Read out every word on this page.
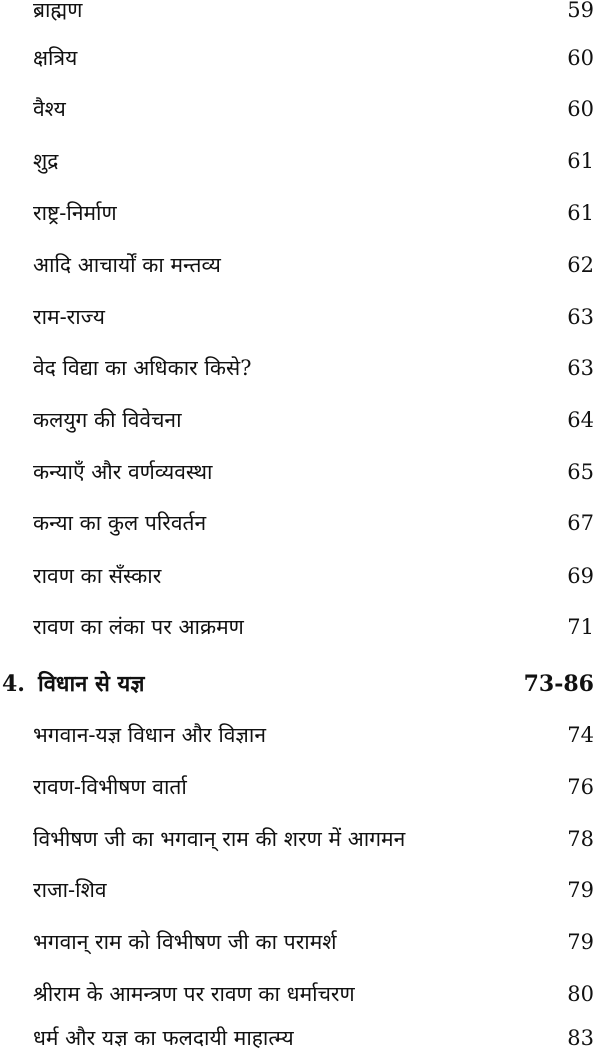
ब्राह्मण	59
क्षत्रिय	60
वैश्य	60
शुद्र	61
राष्ट्र-निर्माण	61
आदि आचार्यों का मन्तव्य	62
राम-राज्य	63
वेद विद्या का अधिकार किसे?	63
कलयुग की विवेचना	64
कन्याएँ और वर्णव्यवस्था	65
कन्या का कुल परिवर्तन	67
रावण का सँस्कार	69
रावण का लंका पर आक्रमण	71
4. विधान से यज्ञ	73-86
भगवान-यज्ञ विधान और विज्ञान	74
रावण-विभीषण वार्ता	76
विभीषण जी का भगवान् राम की शरण में आगमन	78
राजा-शिव	79
भगवान् राम को विभीषण जी का परामर्श	79
श्रीराम के आमन्त्रण पर रावण का धर्माचरण	80
धर्म और यज्ञ का फलदायी माहात्म्य	83
